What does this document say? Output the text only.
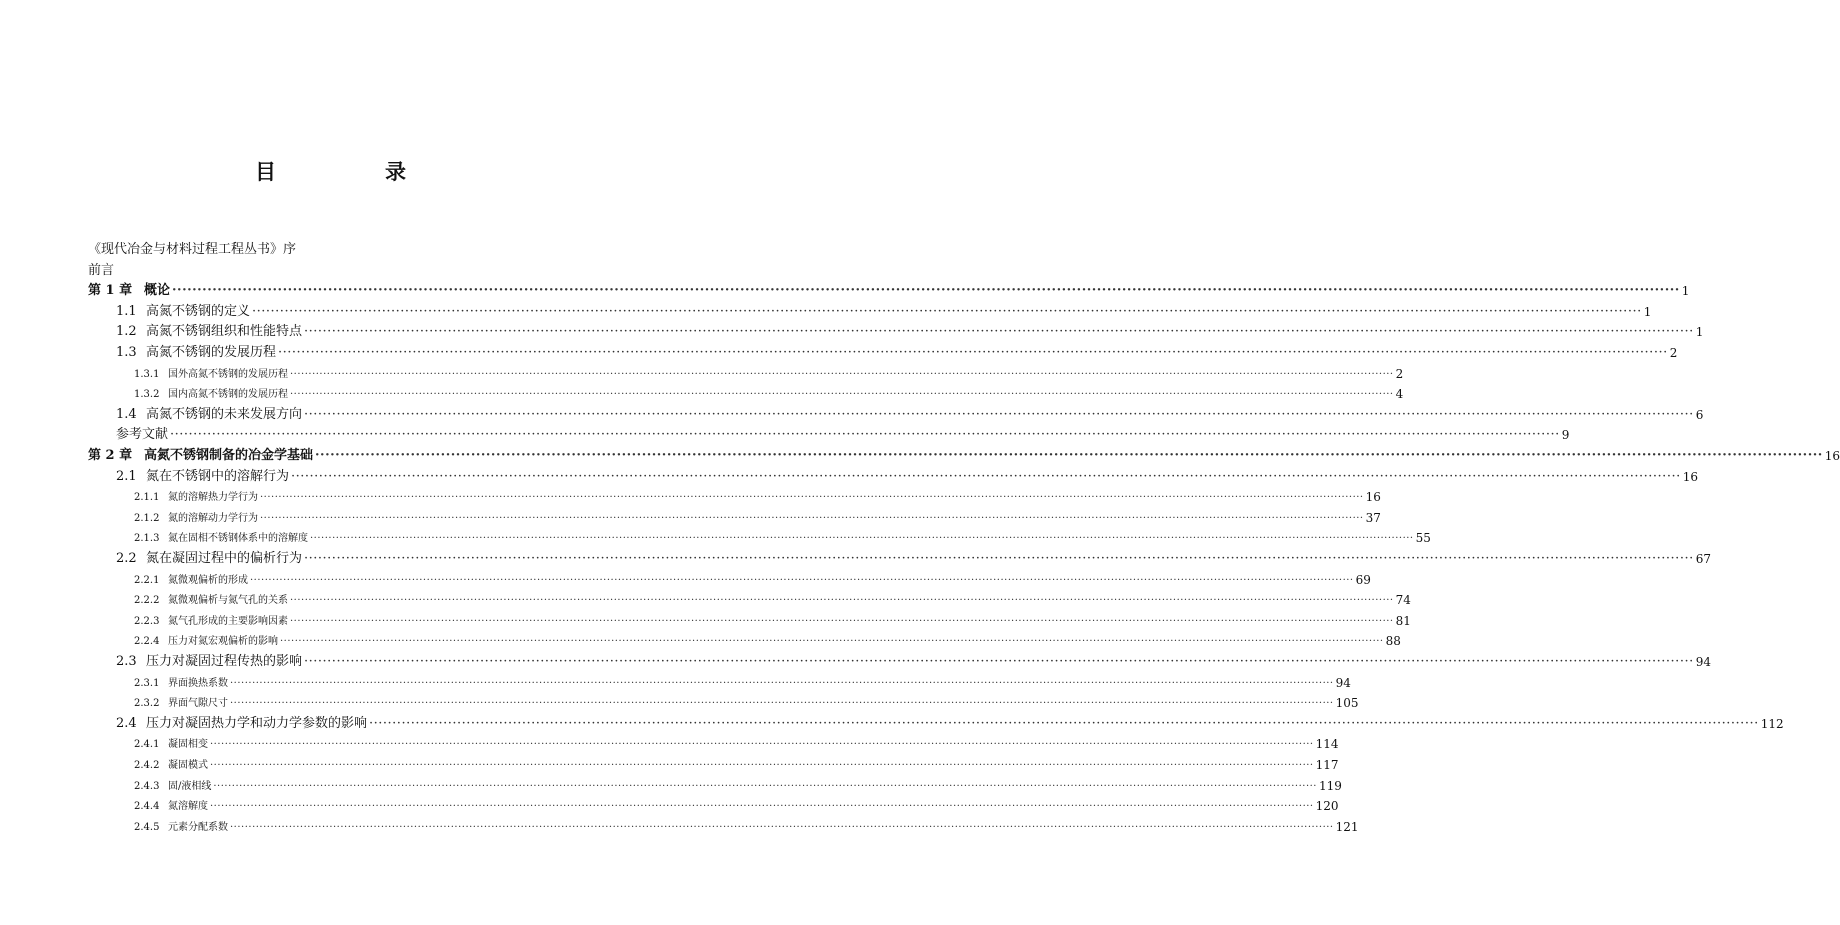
目　录
《现代冶金与材料过程工程丛书》序
前言
第 1 章 概论 ············································································································································································································································································································ 1
1.1 高氮不锈钢的定义 ············································································································································································································································································································ 1
1.2 高氮不锈钢组织和性能特点 ············································································································································································································································································································ 1
1.3 高氮不锈钢的发展历程 ············································································································································································································································································································ 2
1.3.1 国外高氮不锈钢的发展历程 ············································································································································································································································································································ 2
1.3.2 国内高氮不锈钢的发展历程 ············································································································································································································································································································ 4
1.4 高氮不锈钢的未来发展方向 ············································································································································································································································································································ 6
参考文献 ············································································································································································································································································································ 9
第 2 章 高氮不锈钢制备的冶金学基础 ············································································································································································································································································································ 16
2.1 氮在不锈钢中的溶解行为 ············································································································································································································································································································ 16
2.1.1 氮的溶解热力学行为 ············································································································································································································································································································ 16
2.1.2 氮的溶解动力学行为 ············································································································································································································································································································ 37
2.1.3 氮在固相不锈钢体系中的溶解度 ············································································································································································································································································································ 55
2.2 氮在凝固过程中的偏析行为 ············································································································································································································································································································ 67
2.2.1 氮微观偏析的形成 ············································································································································································································································································································ 69
2.2.2 氮微观偏析与氮气孔的关系 ············································································································································································································································································································ 74
2.2.3 氮气孔形成的主要影响因素 ············································································································································································································································································································ 81
2.2.4 压力对氮宏观偏析的影响 ············································································································································································································································································································ 88
2.3 压力对凝固过程传热的影响 ············································································································································································································································································································ 94
2.3.1 界面换热系数 ············································································································································································································································································································ 94
2.3.2 界面气隙尺寸 ············································································································································································································································································································ 105
2.4 压力对凝固热力学和动力学参数的影响 ············································································································································································································································································································ 112
2.4.1 凝固相变 ············································································································································································································································································································ 114
2.4.2 凝固模式 ············································································································································································································································································································ 117
2.4.3 固/液相线 ············································································································································································································································································································ 119
2.4.4 氮溶解度 ············································································································································································································································································································ 120
2.4.5 元素分配系数 ············································································································································································································································································································ 121
